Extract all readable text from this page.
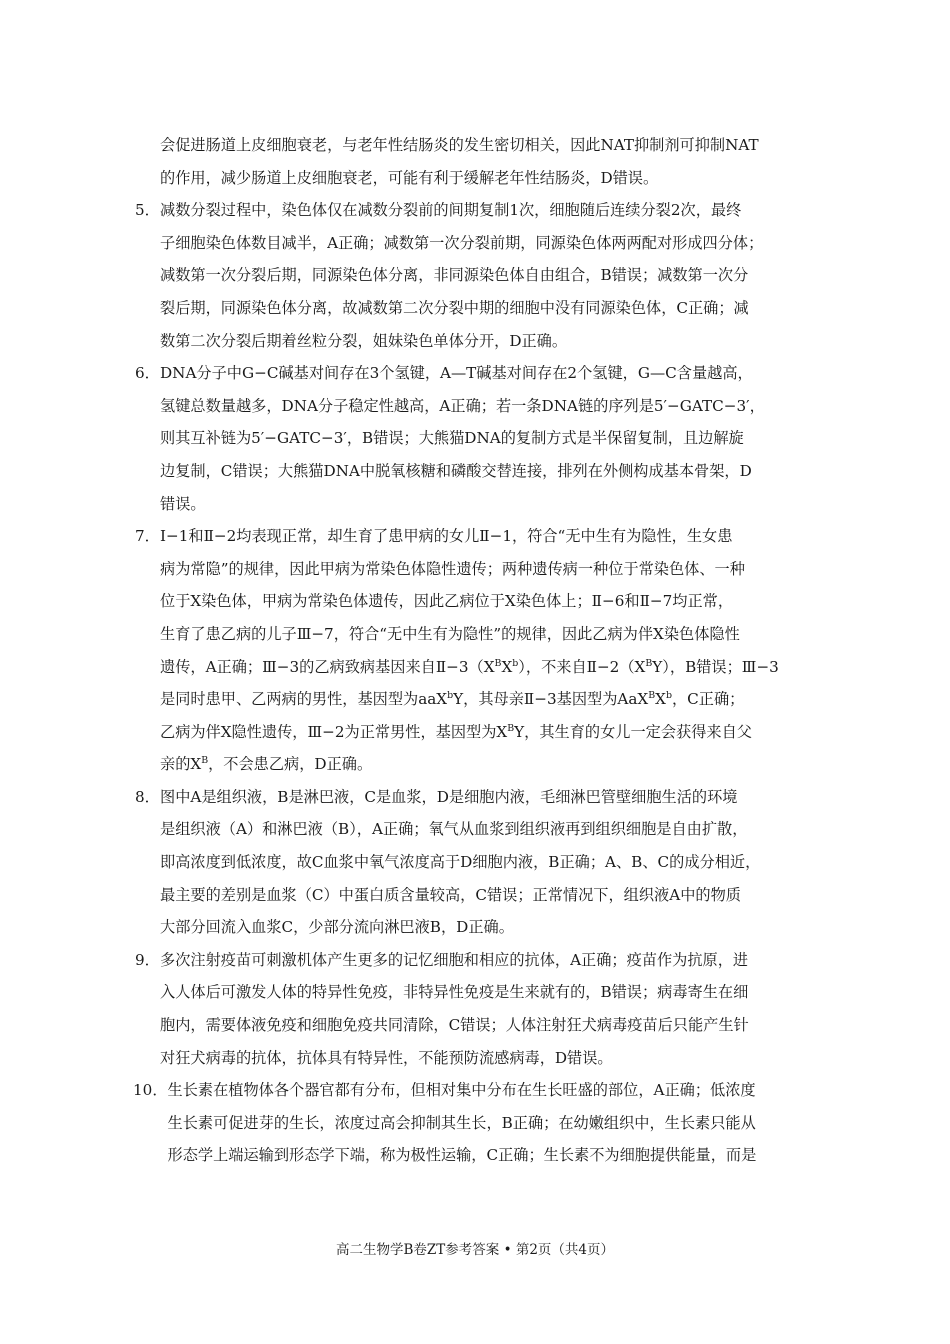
会促进肠道上皮细胞衰老，与老年性结肠炎的发生密切相关，因此NAT抑制剂可抑制NAT
的作用，减少肠道上皮细胞衰老，可能有利于缓解老年性结肠炎，D错误。
5． 减数分裂过程中，染色体仅在减数分裂前的间期复制1次，细胞随后连续分裂2次，最终
子细胞染色体数目减半，A正确；减数第一次分裂前期，同源染色体两两配对形成四分体；
减数第一次分裂后期，同源染色体分离，非同源染色体自由组合，B错误；减数第一次分
裂后期，同源染色体分离，故减数第二次分裂中期的细胞中没有同源染色体，C正确；减
数第二次分裂后期着丝粒分裂，姐妹染色单体分开，D正确。
6． DNA分子中G−C碱基对间存在3个氢键，A—T碱基对间存在2个氢键，G—C含量越高，
氢键总数量越多，DNA分子稳定性越高，A正确；若一条DNA链的序列是5′−GATC−3′，
则其互补链为5′−GATC−3′，B错误；大熊猫DNA的复制方式是半保留复制，且边解旋
边复制，C错误；大熊猫DNA中脱氧核糖和磷酸交替连接，排列在外侧构成基本骨架，D
错误。
7． Ⅰ−1和Ⅱ−2均表现正常，却生育了患甲病的女儿Ⅱ−1，符合“无中生有为隐性，生女患
病为常隐”的规律，因此甲病为常染色体隐性遗传；两种遗传病一种位于常染色体、一种
位于X染色体，甲病为常染色体遗传，因此乙病位于X染色体上；Ⅱ−6和Ⅱ−7均正常，
生育了患乙病的儿子Ⅲ−7，符合“无中生有为隐性”的规律，因此乙病为伴X染色体隐性
遗传，A正确；Ⅲ−3的乙病致病基因来自$Ⅱ-3(X^BX^b)$，不来自$Ⅱ-2(X^BY)$，B错误；Ⅲ−3
是同时患甲、乙两病的男性，基因型为aaX$^b$Y，其母亲Ⅱ−3基因型为$AaX^BX^b$，C正确；
乙病为伴X隐性遗传，Ⅲ−2为正常男性，基因型为$X^BY$，其生育的女儿一定会获得来自父
亲的$X^B$，不会患乙病，D正确。
8． 图中A是组织液，B是淋巴液，C是血浆，D是细胞内液，毛细淋巴管壁细胞生活的环境
是组织液（A）和淋巴液（B），A正确；氧气从血浆到组织液再到组织细胞是自由扩散，
即高浓度到低浓度，故C血浆中氧气浓度高于D细胞内液，B正确；A、B、C的成分相近，
最主要的差别是血浆（C）中蛋白质含量较高，C错误；正常情况下，组织液A中的物质
大部分回流入血浆C，少部分流向淋巴液B，D正确。
9． 多次注射疫苗可刺激机体产生更多的记忆细胞和相应的抗体，A正确；疫苗作为抗原，进
入人体后可激发人体的特异性免疫，非特异性免疫是生来就有的，B错误；病毒寄生在细
胞内，需要体液免疫和细胞免疫共同清除，C错误；人体注射狂犬病毒疫苗后只能产生针
对狂犬病毒的抗体，抗体具有特异性，不能预防流感病毒，D错误。
10． 生长素在植物体各个器官都有分布，但相对集中分布在生长旺盛的部位，A正确；低浓度
生长素可促进芽的生长，浓度过高会抑制其生长，B正确；在幼嫩组织中，生长素只能从
形态学上端运输到形态学下端，称为极性运输，C正确；生长素不为细胞提供能量，而是
高二生物学B卷ZT参考答案 • 第2页（共4页）
